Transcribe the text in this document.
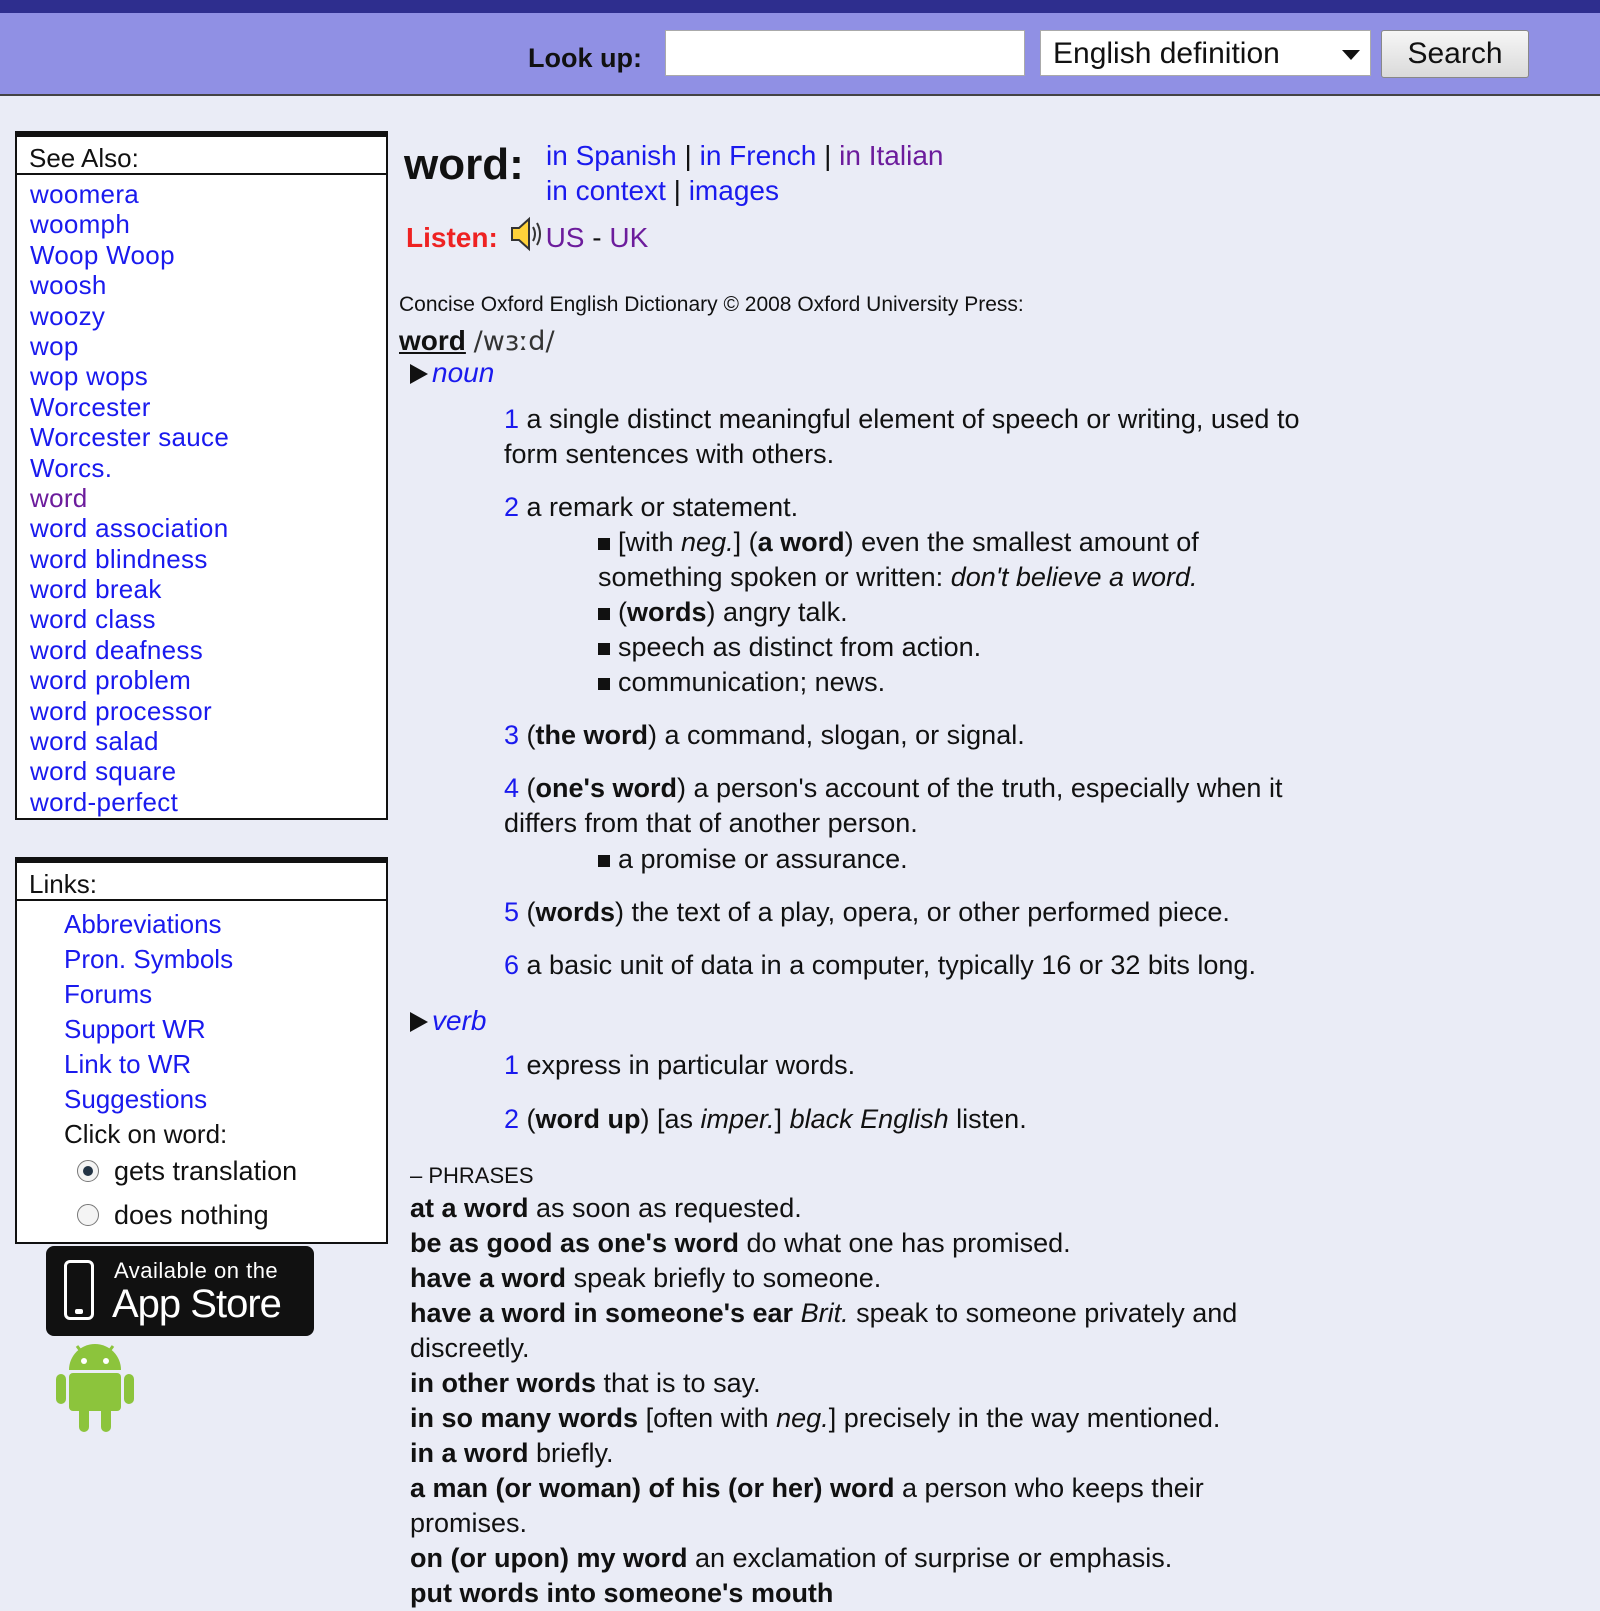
Look up:	English definition	Search
See Also:
woomera
woomph
Woop Woop
woosh
woozy
wop
wop wops
Worcester
Worcester sauce
Worcs.
word
word association
word blindness
word break
word class
word deafness
word problem
word processor
word salad
word square
word-perfect
Links:
Abbreviations
Pron. Symbols
Forums
Support WR
Link to WR
Suggestions
Click on word:
gets translation
does nothing
Available on the
App Store
word: in Spanish | in French | in Italian
in context | images
Listen: US - UK
Concise Oxford English Dictionary © 2008 Oxford University Press:
word /wɜːd/
noun
1 a single distinct meaningful element of speech or writing, used to form sentences with others.
2 a remark or statement.
[with neg.] (a word) even the smallest amount of something spoken or written: don't believe a word.
(words) angry talk.
speech as distinct from action.
communication; news.
3 (the word) a command, slogan, or signal.
4 (one's word) a person's account of the truth, especially when it differs from that of another person.
a promise or assurance.
5 (words) the text of a play, opera, or other performed piece.
6 a basic unit of data in a computer, typically 16 or 32 bits long.
verb
1 express in particular words.
2 (word up) [as imper.] black English listen.
– PHRASES
at a word as soon as requested.
be as good as one's word do what one has promised.
have a word speak briefly to someone.
have a word in someone's ear Brit. speak to someone privately and discreetly.
in other words that is to say.
in so many words [often with neg.] precisely in the way mentioned.
in a word briefly.
a man (or woman) of his (or her) word a person who keeps their promises.
on (or upon) my word an exclamation of surprise or emphasis.
put words into someone's mouth
